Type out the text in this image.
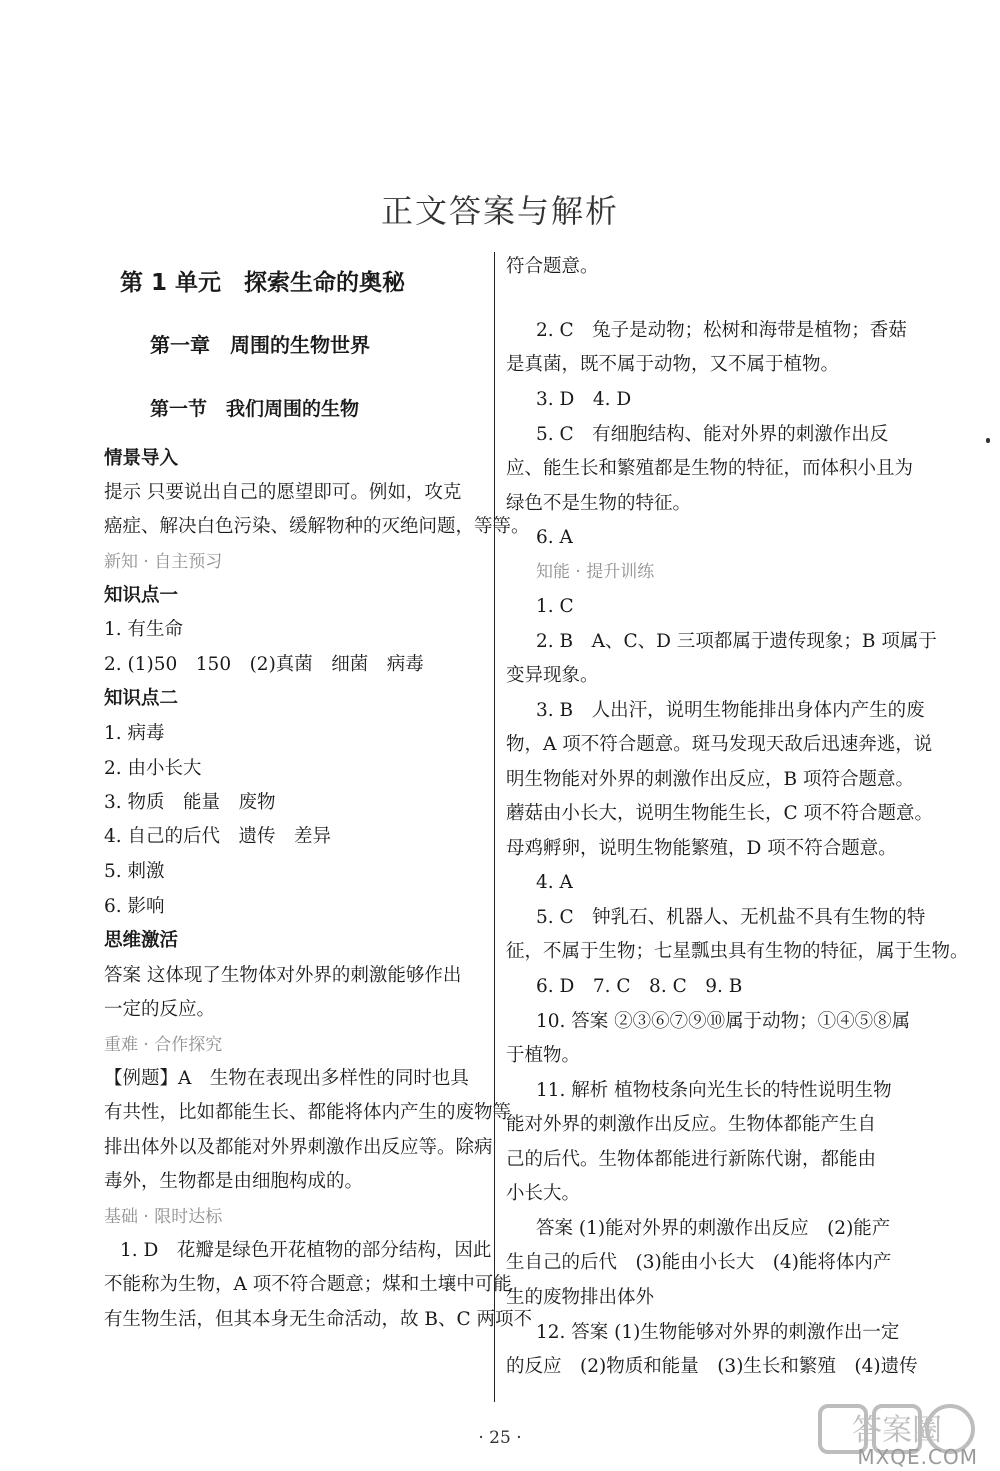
正文答案与解析
第 1 单元　探索生命的奥秘
第一章　周围的生物世界
第一节　我们周围的生物
情景导入
提示 只要说出自己的愿望即可。例如，攻克
癌症、解决白色污染、缓解物种的灭绝问题，等等。
新知 · 自主预习
知识点一
1. 有生命
2. (1)50　150　(2)真菌　细菌　病毒
知识点二
1. 病毒
2. 由小长大
3. 物质　能量　废物
4. 自己的后代　遗传　差异
5. 刺激
6. 影响
思维激活
答案 这体现了生物体对外界的刺激能够作出
一定的反应。
重难 · 合作探究
【例题】A　生物在表现出多样性的同时也具
有共性，比如都能生长、都能将体内产生的废物等
排出体外以及都能对外界刺激作出反应等。除病
毒外，生物都是由细胞构成的。
基础 · 限时达标
1. D　花瓣是绿色开花植物的部分结构，因此
不能称为生物，A 项不符合题意；煤和土壤中可能
有生物生活，但其本身无生命活动，故 B、C 两项不
符合题意。
2. C　兔子是动物；松树和海带是植物；香菇
是真菌，既不属于动物，又不属于植物。
3. D　4. D
5. C　有细胞结构、能对外界的刺激作出反
应、能生长和繁殖都是生物的特征，而体积小且为
绿色不是生物的特征。
6. A
知能 · 提升训练
1. C
2. B　A、C、D 三项都属于遗传现象；B 项属于
变异现象。
3. B　人出汗，说明生物能排出身体内产生的废
物，A 项不符合题意。斑马发现天敌后迅速奔逃，说
明生物能对外界的刺激作出反应，B 项符合题意。
蘑菇由小长大，说明生物能生长，C 项不符合题意。
母鸡孵卵，说明生物能繁殖，D 项不符合题意。
4. A
5. C　钟乳石、机器人、无机盐不具有生物的特
征，不属于生物；七星瓢虫具有生物的特征，属于生物。
6. D　7. C　8. C　9. B
10. 答案 ②③⑥⑦⑨⑩属于动物；①④⑤⑧属
于植物。
11. 解析 植物枝条向光生长的特性说明生物
能对外界的刺激作出反应。生物体都能产生自
己的后代。生物体都能进行新陈代谢，都能由
小长大。
答案 (1)能对外界的刺激作出反应　(2)能产
生自己的后代　(3)能由小长大　(4)能将体内产
生的废物排出体外
12. 答案 (1)生物能够对外界的刺激作出一定
的反应　(2)物质和能量　(3)生长和繁殖　(4)遗传
· 25 ·	答案圈
MXQE.COM
